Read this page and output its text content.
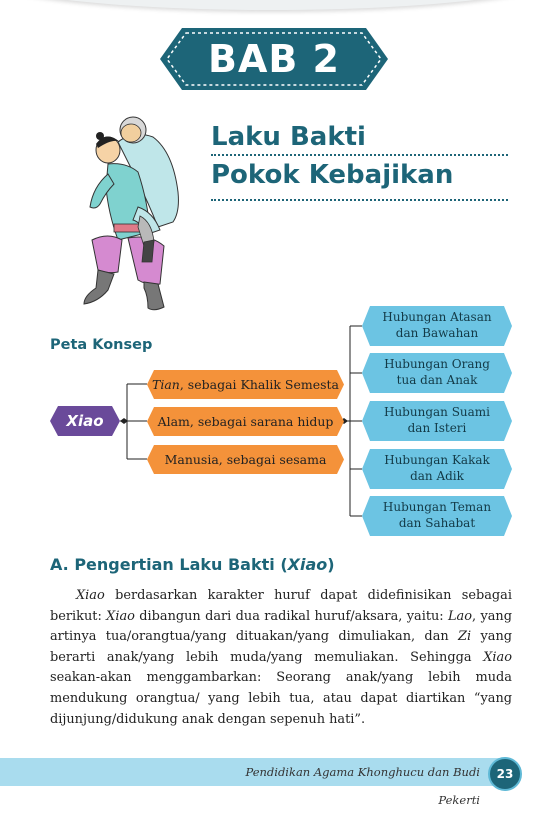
BAB 2
Laku Bakti
Pokok Kebajikan
Peta Konsep
Xiao
Tian, sebagai Khalik Semesta
Alam, sebagai sarana hidup
Manusia, sebagai sesama
Hubungan Atasan
dan Bawahan
Hubungan Orang
tua dan Anak
Hubungan Suami
dan Isteri
Hubungan Kakak
dan Adik
Hubungan Teman
dan Sahabat
A. Pengertian Laku Bakti (Xiao)

Xiao berdasarkan karakter huruf dapat didefinisikan sebagai berikut: Xiao dibangun dari dua radikal huruf/aksara, yaitu: Lao, yang artinya tua/orangtua/yang dituakan/yang dimuliakan, dan Zi yang berarti anak/yang lebih muda/yang memuliakan. Sehingga Xiao seakan-akan menggambarkan: Seorang anak/yang lebih muda mendukung orangtua/ yang lebih tua, atau dapat diartikan “yang dijunjung/didukung anak dengan sepenuh hati”.

Pendidikan Agama Khonghucu dan Budi Pekerti
23
